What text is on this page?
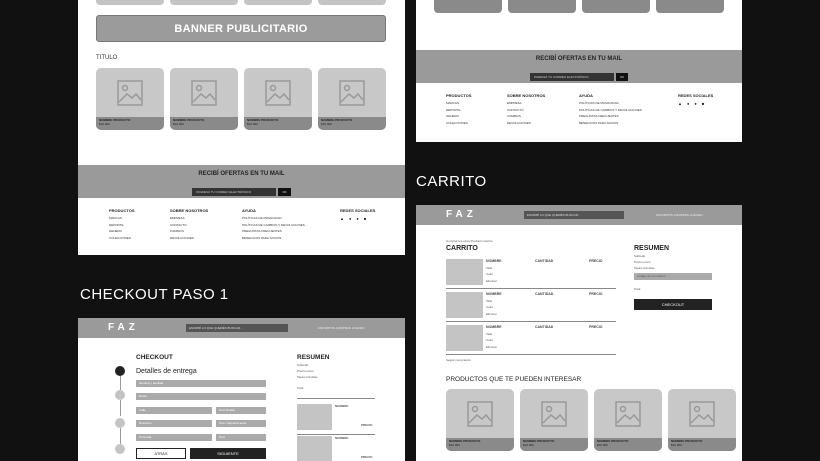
BANNER PUBLICITARIO
TITULO
NOMBRE PRODUCTO
$10.000
NOMBRE PRODUCTO
$10.000
NOMBRE PRODUCTO
$10.000
NOMBRE PRODUCTO
$10.000
RECIBÍ OFERTAS EN TU MAIL
INGRESÁ TU CORREO ELECTRÓNICO	OK
PRODUCTOS
MARCAS
DEPORTE
GENERO
COLECCIONES
SOBRE NOSOTROS
EMPRESA
CONTACTO
CAMBIOS
DEVOLUCIONES
AYUDA
POLÍTICAS DE PRIVACIDAD
POLÍTICAS DE CAMBIOS Y DEVOLUCIONES
PREGUNTAS FRECUENTES
BENEFICIOS PARA SOCIOS
REDES SOCIALES
▲ ● ● ■
RECIBÍ OFERTAS EN TU MAIL
INGRESÁ TU CORREO ELECTRÓNICO	OK
PRODUCTOS
MARCAS
DEPORTE
GENERO
COLECCIONES
SOBRE NOSOTROS
EMPRESA
CONTACTO
CAMBIOS
DEVOLUCIONES
AYUDA
POLÍTICAS DE PRIVACIDAD
POLÍTICAS DE CAMBIOS Y DEVOLUCIONES
PREGUNTAS FRECUENTES
BENEFICIOS PARA SOCIOS
REDES SOCIALES
▲ ● ● ■
CARRITO
CHECKOUT PASO 1
FAZ	ESCRIBÍ LO QUE QUERÉS BUSCAR...	FAVORITOS COMPRAS LOGUEO
Comprar los otros Producto Carrito
CARRITO
NOMBRE
Talle
Color
Eliminar
CANTIDAD	PRECIO
NOMBRE
Talle
Color
Eliminar
CANTIDAD	PRECIO
NOMBRE
Talle
Color
Eliminar
CANTIDAD	PRECIO
Seguir comprando
RESUMEN
Subtotal
Precio envío
Tasas incluídas
Código de promoción
Total
CHECKOUT
PRODUCTOS QUE TE PUEDEN INTERESAR
NOMBRE PRODUCTO
$10.000
NOMBRE PRODUCTO
$10.000
NOMBRE PRODUCTO
$10.000
NOMBRE PRODUCTO
$10.000
FAZ	ESCRIBÍ LO QUE QUERÉS BUSCAR...	FAVORITOS COMPRAS LOGUEO
CHECKOUT
Detalles de entrega
Nombre y apellido
Email
Calle	Cod. Postal
Dirección	Piso / Departamento
Provincia	País
ATRÁS	SIGUIENTE
RESUMEN
Subtotal
Precio envío
Tasas incluídas
Total
NOMBRE
PRECIO
NOMBRE
PRECIO
